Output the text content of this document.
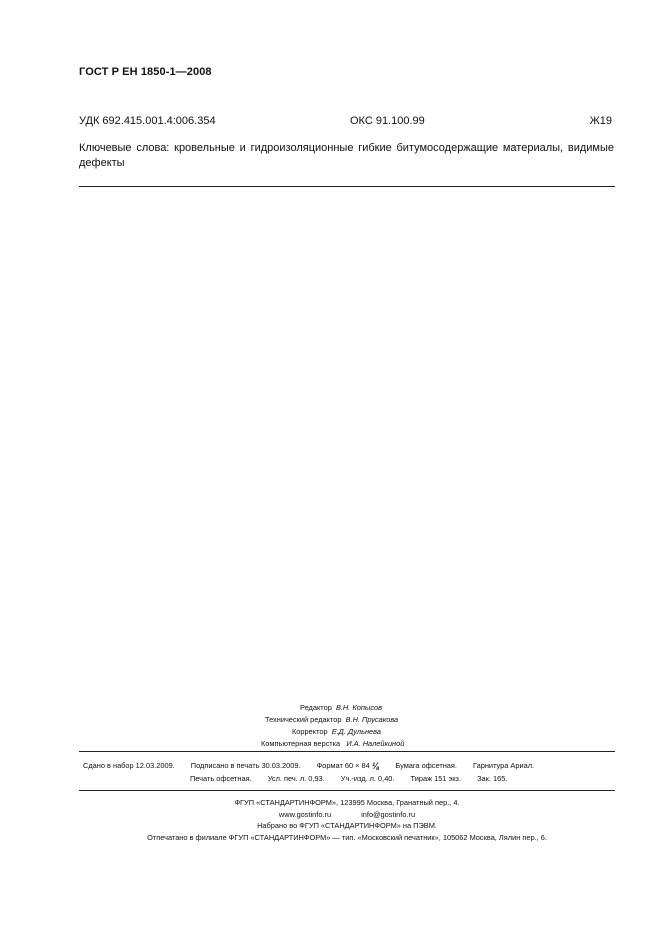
ГОСТ Р ЕН 1850-1—2008
УДК 692.415.001.4:006.354	ОКС 91.100.99	Ж19
Ключевые слова: кровельные и гидроизоляционные гибкие битумосодержащие материалы, видимые дефекты
Редактор В.Н. Копысов
Технический редактор В.Н. Прусакова
Корректор Е.Д. Дульнева
Компьютерная верстка И.А. Налейкиной
Сдано в набор 12.03.2009. Подписано в печать 30.03.2009. Формат 60 × 84 ⅛ Бумага офсетная. Гарнитура Ариал.
Печать офсетная. Усл. печ. л. 0,93. Уч.-изд. л. 0,40. Тираж 151 экз. Зак. 165.
ФГУП «СТАНДАРТИНФОРМ», 123995 Москва, Гранатный пер., 4.
www.gostinfo.ru	info@gostinfo.ru
Набрано во ФГУП «СТАНДАРТИНФОРМ» на ПЭВМ.
Отпечатано в филиале ФГУП «СТАНДАРТИНФОРМ» — тип. «Московский печатник», 105062 Москва, Лялин пер., 6.
